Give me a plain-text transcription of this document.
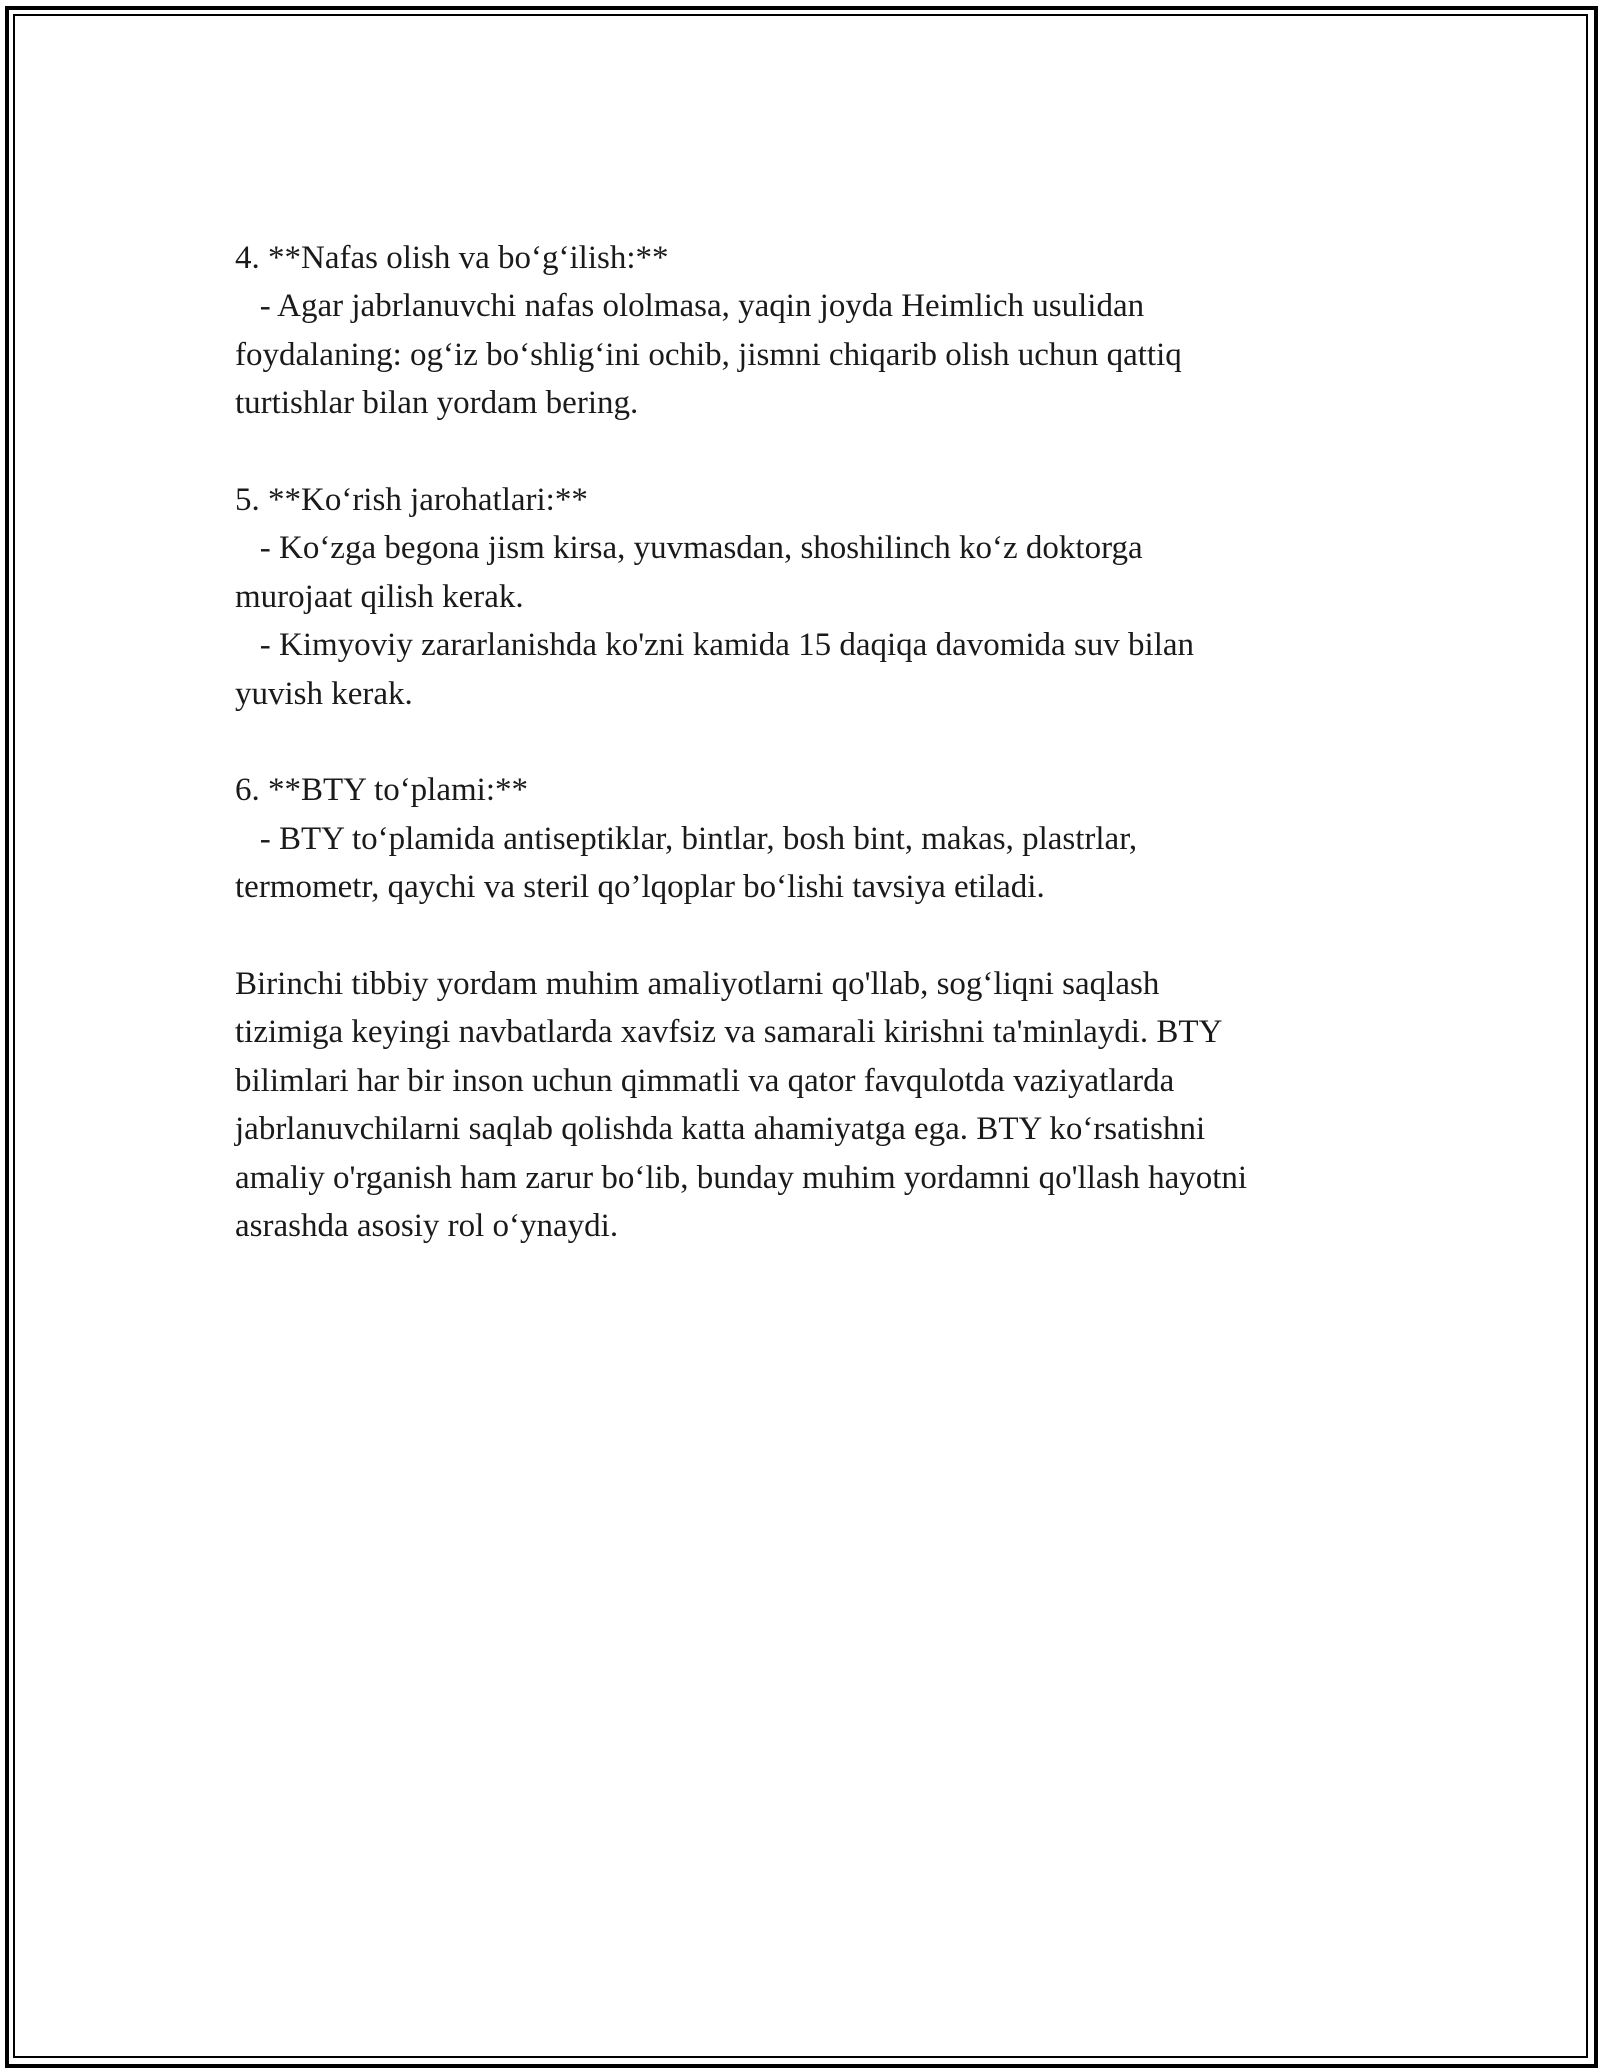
4. **Nafas olish va bo‘g‘ilish:**

- Agar jabrlanuvchi nafas ololmasa, yaqin joyda Heimlich usulidan

foydalaning: og‘iz bo‘shlig‘ini ochib, jismni chiqarib olish uchun qattiq

turtishlar bilan yordam bering.

5. **Ko‘rish jarohatlari:**

- Ko‘zga begona jism kirsa, yuvmasdan, shoshilinch ko‘z doktorga

murojaat qilish kerak.

- Kimyoviy zararlanishda ko'zni kamida 15 daqiqa davomida suv bilan

yuvish kerak.

6. **BTY to‘plami:**

- BTY to‘plamida antiseptiklar, bintlar, bosh bint, makas, plastrlar,

termometr, qaychi va steril qo’lqoplar bo‘lishi tavsiya etiladi.

Birinchi tibbiy yordam muhim amaliyotlarni qo'llab, sog‘liqni saqlash

tizimiga keyingi navbatlarda xavfsiz va samarali kirishni ta'minlaydi. BTY

bilimlari har bir inson uchun qimmatli va qator favqulotda vaziyatlarda

jabrlanuvchilarni saqlab qolishda katta ahamiyatga ega. BTY ko‘rsatishni

amaliy o'rganish ham zarur bo‘lib, bunday muhim yordamni qo'llash hayotni

asrashda asosiy rol o‘ynaydi.
